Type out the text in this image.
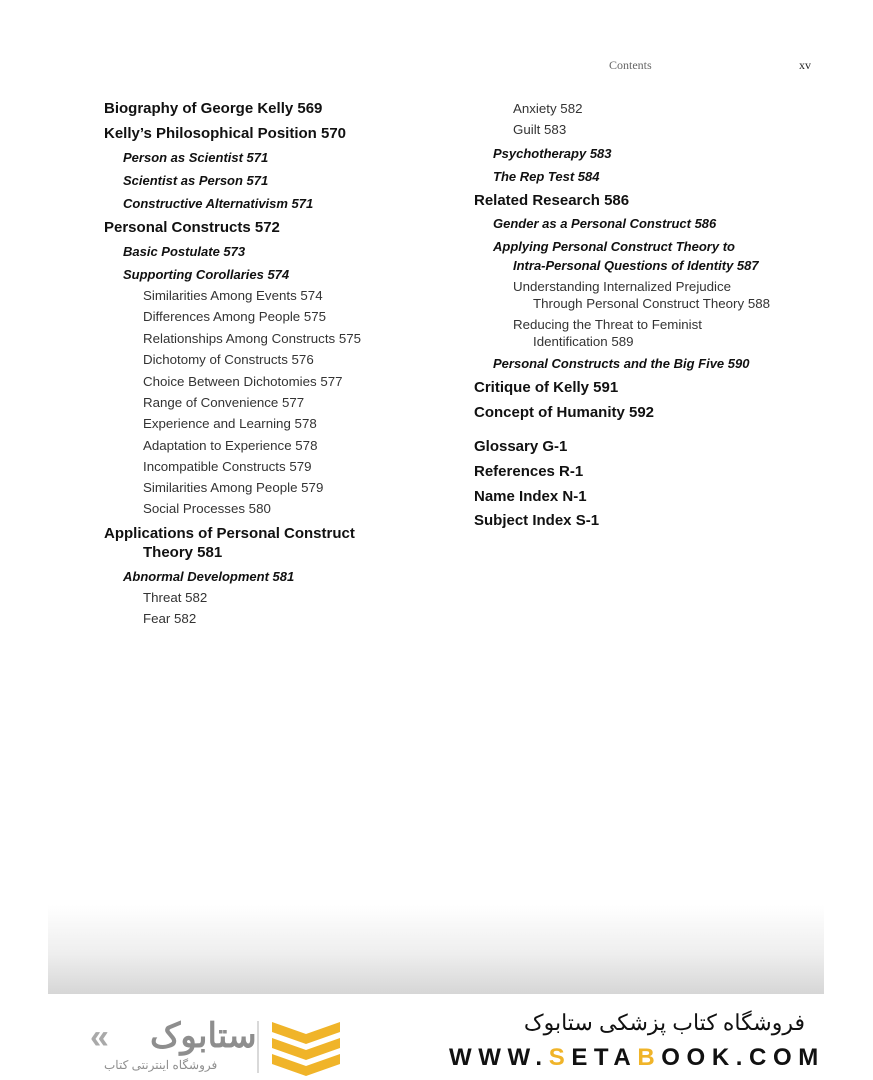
Contents	xv
Biography of George Kelly 569
Kelly’s Philosophical Position 570
Person as Scientist 571
Scientist as Person 571
Constructive Alternativism 571
Personal Constructs 572
Basic Postulate 573
Supporting Corollaries 574
Similarities Among Events 574
Differences Among People 575
Relationships Among Constructs 575
Dichotomy of Constructs 576
Choice Between Dichotomies 577
Range of Convenience 577
Experience and Learning 578
Adaptation to Experience 578
Incompatible Constructs 579
Similarities Among People 579
Social Processes 580
Applications of Personal Construct
Theory 581
Abnormal Development 581
Threat 582
Fear 582
Anxiety 582
Guilt 583
Psychotherapy 583
The Rep Test 584
Related Research 586
Gender as a Personal Construct 586
Applying Personal Construct Theory to
Intra-Personal Questions of Identity 587
Understanding Internalized Prejudice
Through Personal Construct Theory 588
Reducing the Threat to Feminist
Identification 589
Personal Constructs and the Big Five 590
Critique of Kelly 591
Concept of Humanity 592
Glossary G-1
References R-1
Name Index N-1
Subject Index S-1
« ستابوک
فروشگاه اینترنتی کتاب
فروشگاه کتاب پزشکی ستابوک
WWW.SETABOOK.COM
